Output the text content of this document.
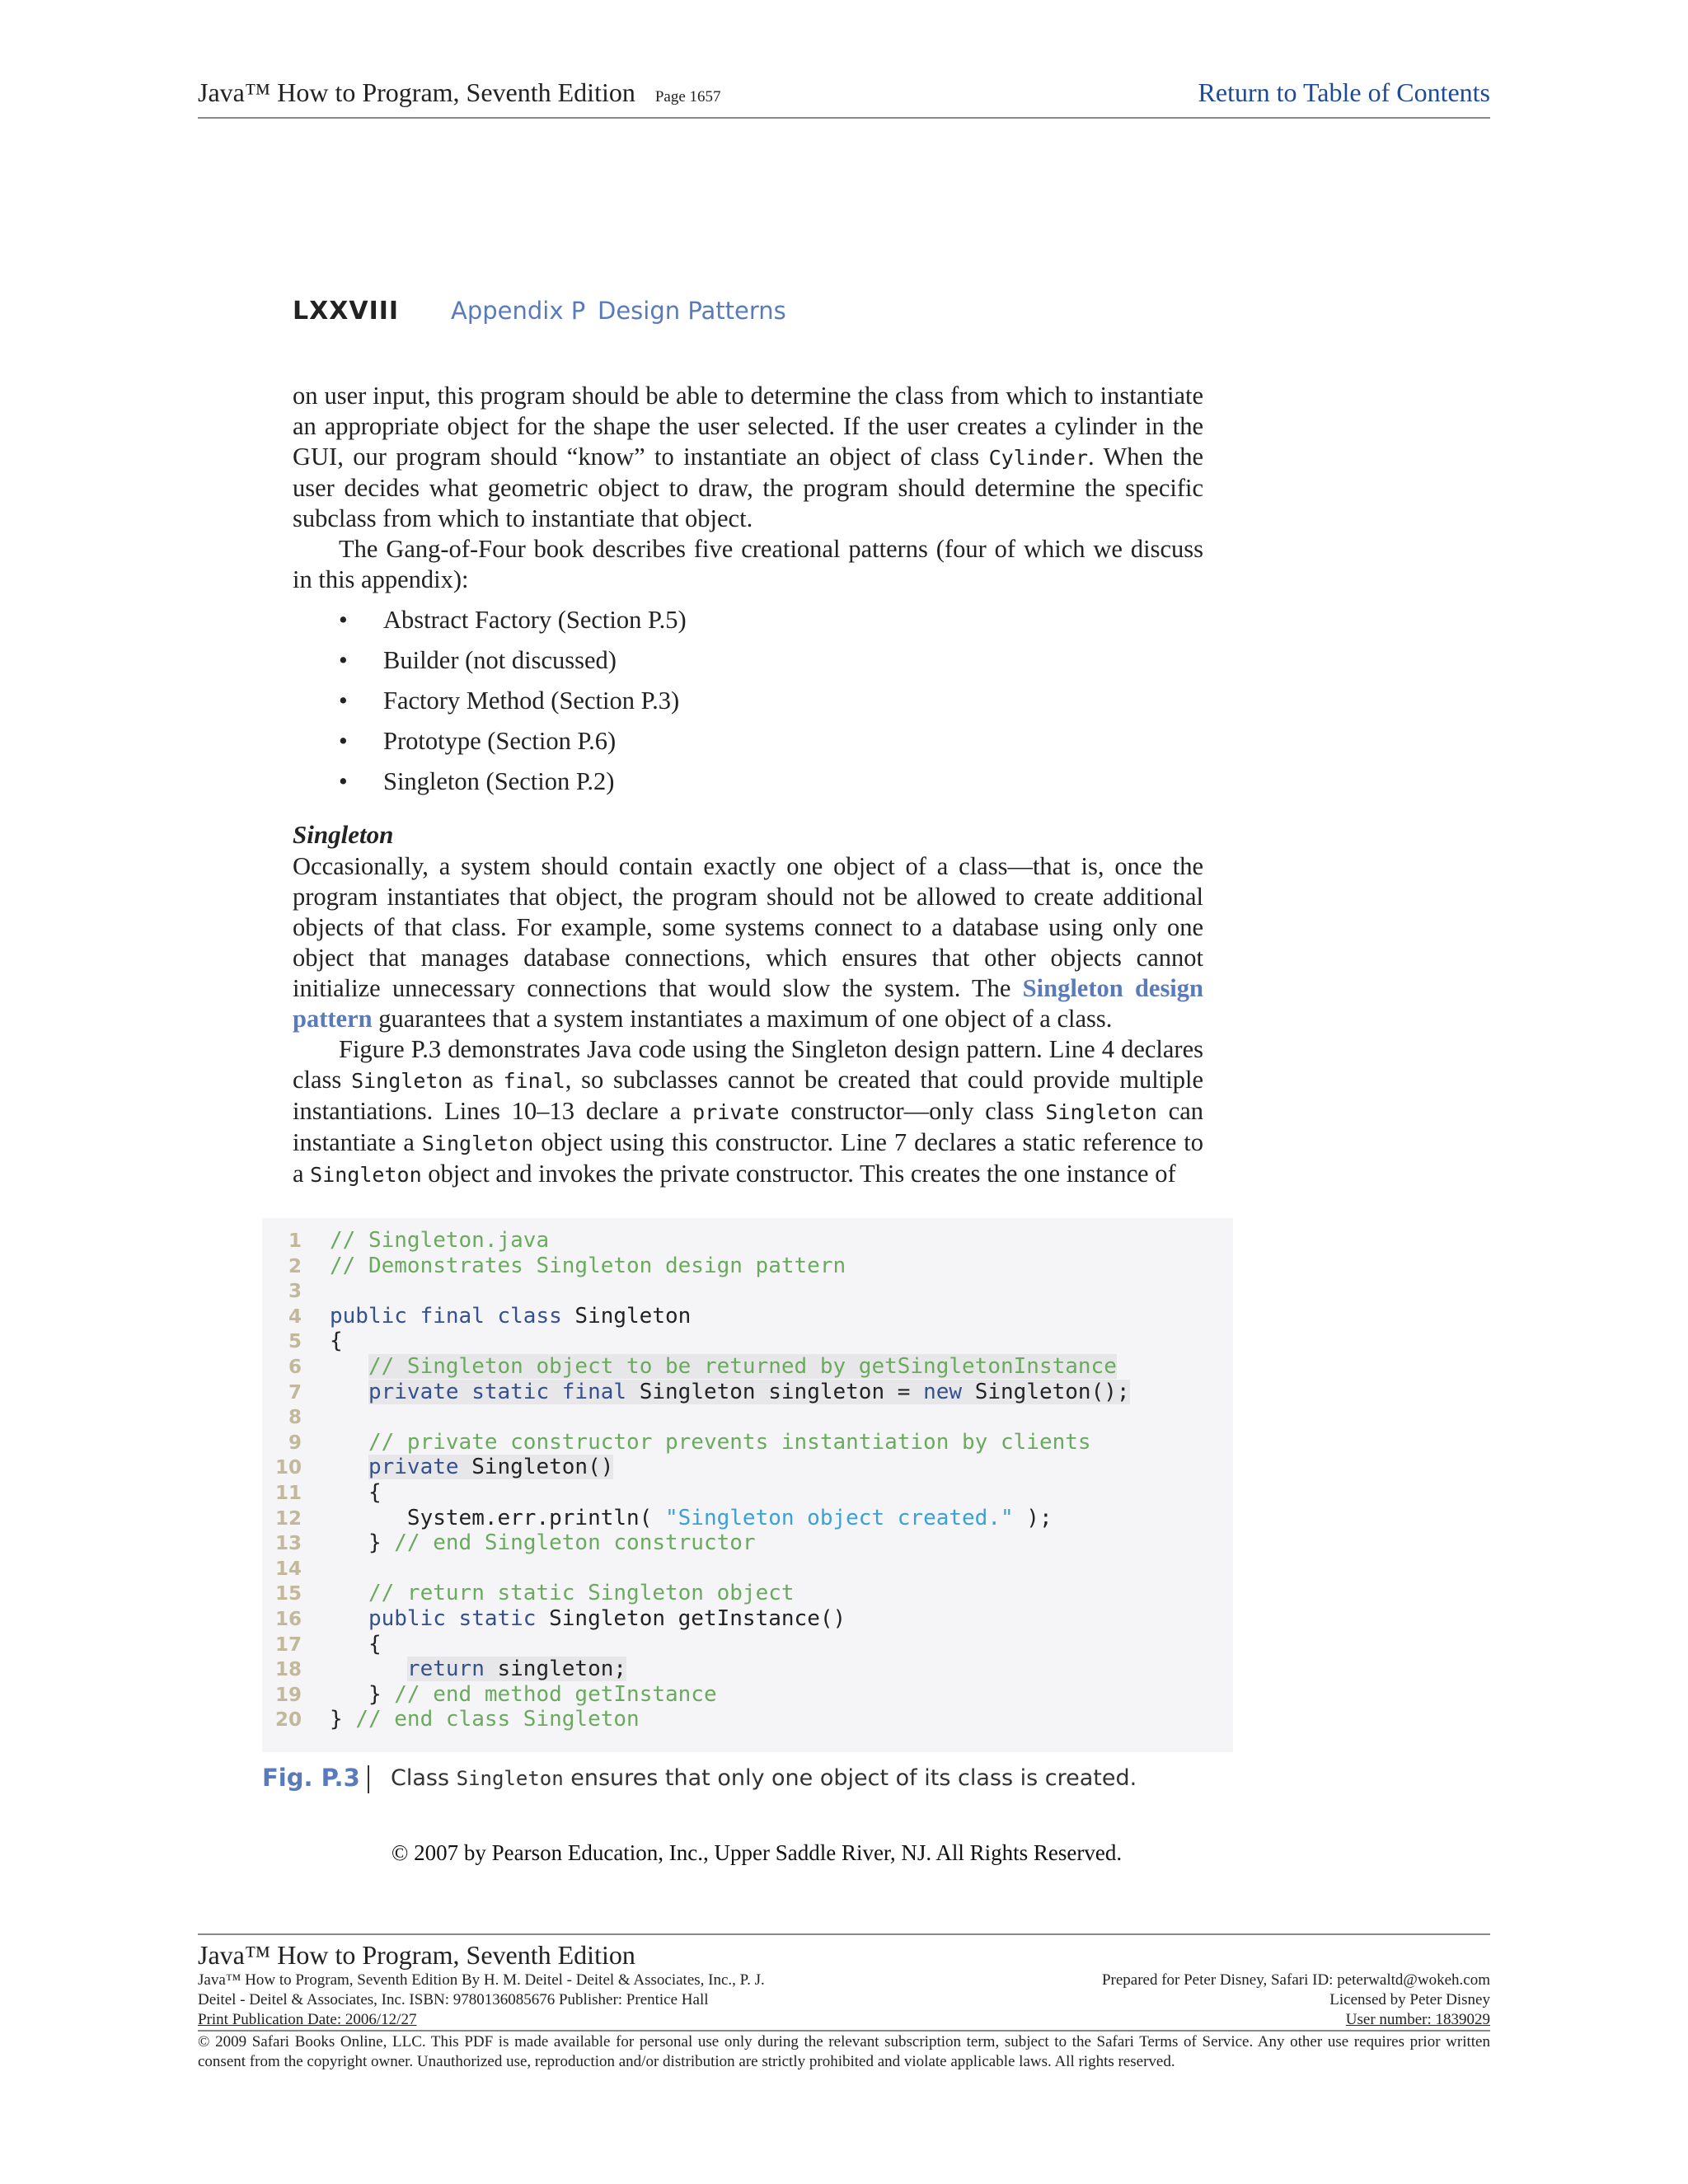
Java™ How to Program, Seventh Edition Page 1657	Return to Table of Contents
LXXVIII Appendix P Design Patterns

on user input, this program should be able to determine the class from which to instantiate an appropriate object for the shape the user selected. If the user creates a cylinder in the GUI, our program should “know” to instantiate an object of class Cylinder. When the user decides what geometric object to draw, the program should determine the specific subclass from which to instantiate that object.

The Gang-of-Four book describes five creational patterns (four of which we discuss in this appendix):

• Abstract Factory (Section P.5)
• Builder (not discussed)
• Factory Method (Section P.3)
• Prototype (Section P.6)
• Singleton (Section P.2)
Singleton

Occasionally, a system should contain exactly one object of a class—that is, once the program instantiates that object, the program should not be allowed to create additional objects of that class. For example, some systems connect to a database using only one object that manages database connections, which ensures that other objects cannot initialize unnecessary connections that would slow the system. The Singleton design pattern guarantees that a system instantiates a maximum of one object of a class.

Figure P.3 demonstrates Java code using the Singleton design pattern. Line 4 declares class Singleton as final, so subclasses cannot be created that could provide multiple instantiations. Lines 10–13 declare a private constructor—only class Singleton can instantiate a Singleton object using this constructor. Line 7 declares a static reference to a Singleton object and invokes the private constructor. This creates the one instance of

1 // Singleton.java
2 // Demonstrates Singleton design pattern
3
4 public final class Singleton
5 {
6	// Singleton object to be returned by getSingletonInstance
7	private static final Singleton singleton = new Singleton();
8
9	// private constructor prevents instantiation by clients
10	private Singleton()
11	{
12	System.err.println( "Singleton object created." );
13	} // end Singleton constructor
14
15	// return static Singleton object
16	public static Singleton getInstance()
17	{
18	return singleton;
19	} // end method getInstance
20 } // end class Singleton
Fig. P.3 Class Singleton ensures that only one object of its class is created.
© 2007 by Pearson Education, Inc., Upper Saddle River, NJ. All Rights Reserved.
Java™ How to Program, Seventh Edition
Java™ How to Program, Seventh Edition By H. M. Deitel - Deitel & Associates, Inc., P. J.
Deitel - Deitel & Associates, Inc. ISBN: 9780136085676 Publisher: Prentice Hall
Print Publication Date: 2006/12/27
Prepared for Peter Disney, Safari ID: peterwaltd@wokeh.com
Licensed by Peter Disney
User number: 1839029
© 2009 Safari Books Online, LLC. This PDF is made available for personal use only during the relevant subscription term, subject to the Safari Terms of Service. Any other use requires prior written consent from the copyright owner. Unauthorized use, reproduction and/or distribution are strictly prohibited and violate applicable laws. All rights reserved.
